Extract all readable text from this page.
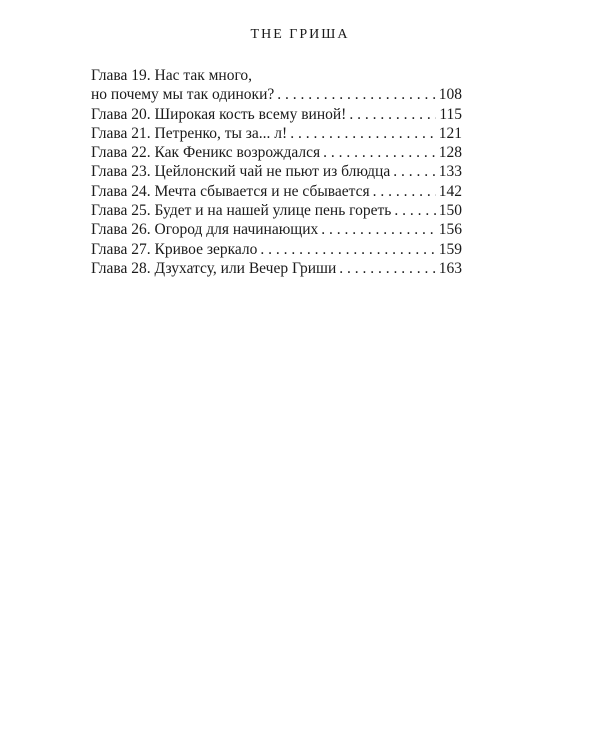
THE ГРИША
Глава 19. Нас так много,
но почему мы так одиноки? . . .	108
Глава 20. Широкая кость всему виной! . . .	115
Глава 21. Петренко, ты за... л! . . .	121
Глава 22. Как Феникс возрождался . . .	128
Глава 23. Цейлонский чай не пьют из блюдца . . .	133
Глава 24. Мечта сбывается и не сбывается . . .	142
Глава 25. Будет и на нашей улице пень гореть . . .	150
Глава 26. Огород для начинающих . . .	156
Глава 27. Кривое зеркало . . .	159
Глава 28. Дзухатсу, или Вечер Гриши . . .	163
